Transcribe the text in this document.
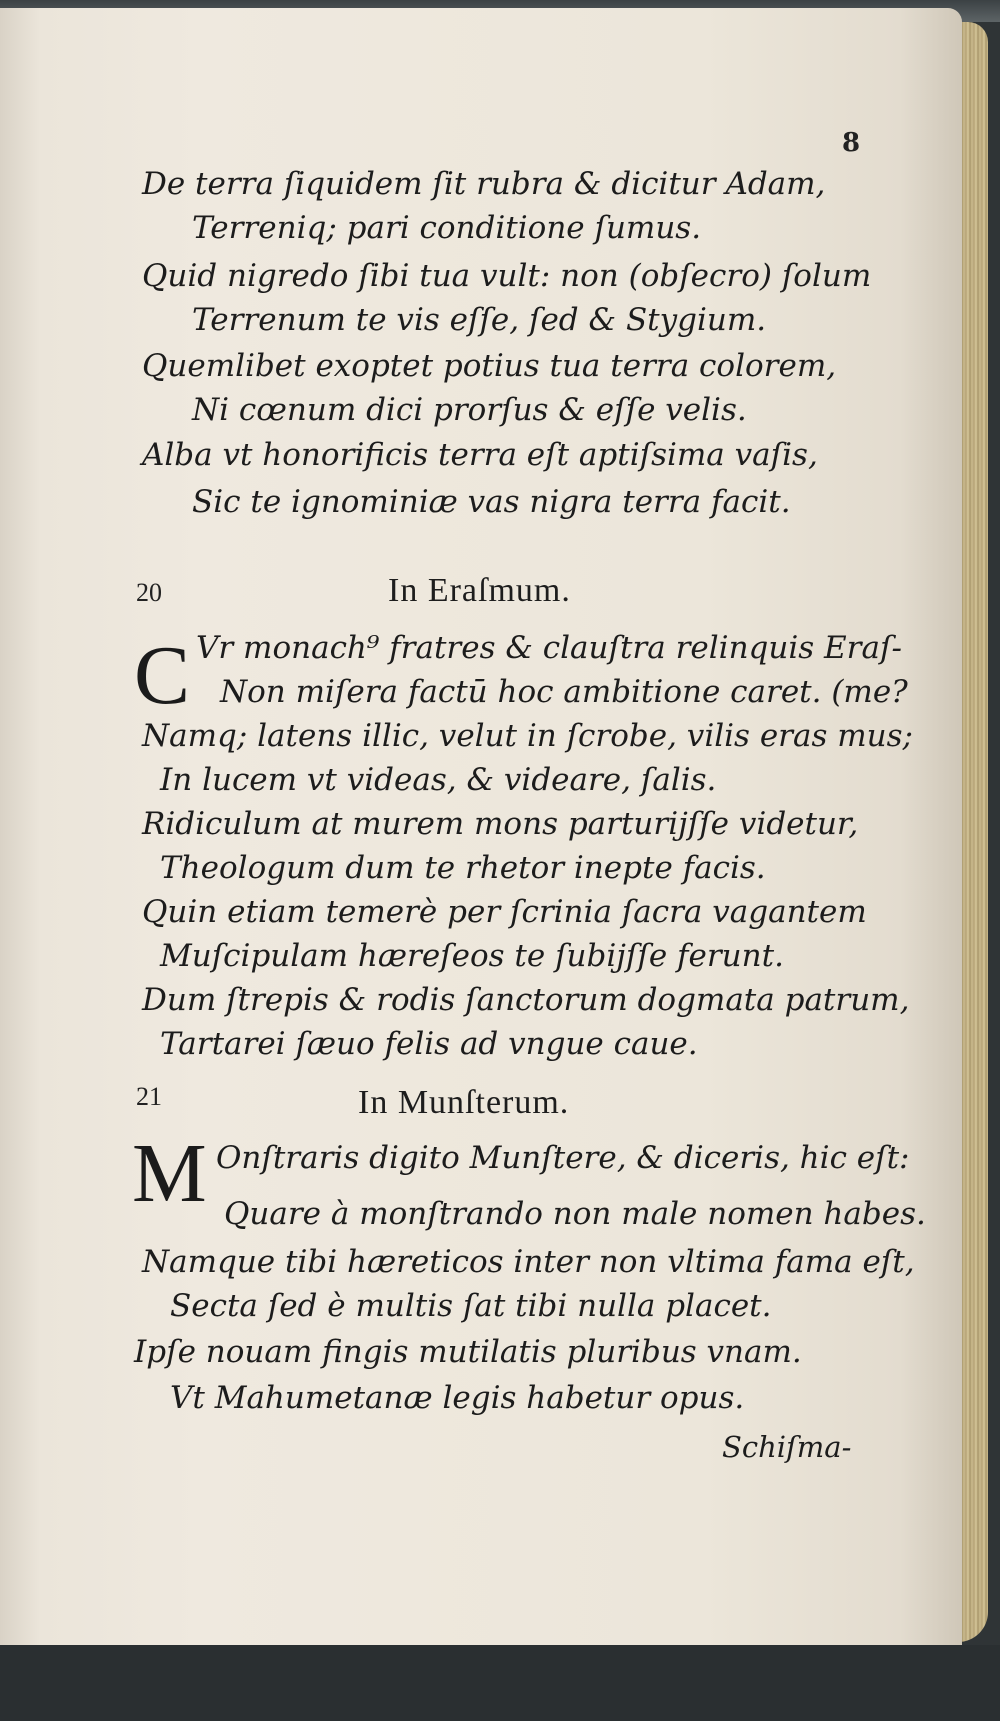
8

De terra ſiquidem ſit rubra & dicitur Adam,

Terreniq; pari conditione ſumus.

Quid nigredo ſibi tua vult: non (obſecro) ſolum

Terrenum te vis eſſe, ſed & Stygium.

Quemlibet exoptet potius tua terra colorem,

Ni cœnum dici prorſus & eſſe velis.

Alba vt honorificis terra eſt aptiſsima vaſis,

Sic te ignominiæ vas nigra terra facit.

20	In Eraſmum.

C Vr monach⁹ fratres & clauſtra relinquis Eraſ-

Non miſera factū hoc ambitione caret. (me?

Namq; latens illic, velut in ſcrobe, vilis eras mus;

In lucem vt videas, & videare, ſalis.

Ridiculum at murem mons parturijſſe videtur,

Theologum dum te rhetor inepte facis.

Quin etiam temerè per ſcrinia ſacra vagantem

Muſcipulam hæreſeos te ſubijſſe ferunt.

Dum ſtrepis & rodis ſanctorum dogmata patrum,

Tartarei ſæuo felis ad vngue caue.

21	In Munſterum.

M Onſtraris digito Munſtere, & diceris, hic eſt:

Quare à monſtrando non male nomen habes.

Namque tibi hæreticos inter non vltima fama eſt,

Secta ſed è multis ſat tibi nulla placet.

Ipſe nouam fingis mutilatis pluribus vnam.

Vt Mahumetanæ legis habetur opus.

Schiſma-
